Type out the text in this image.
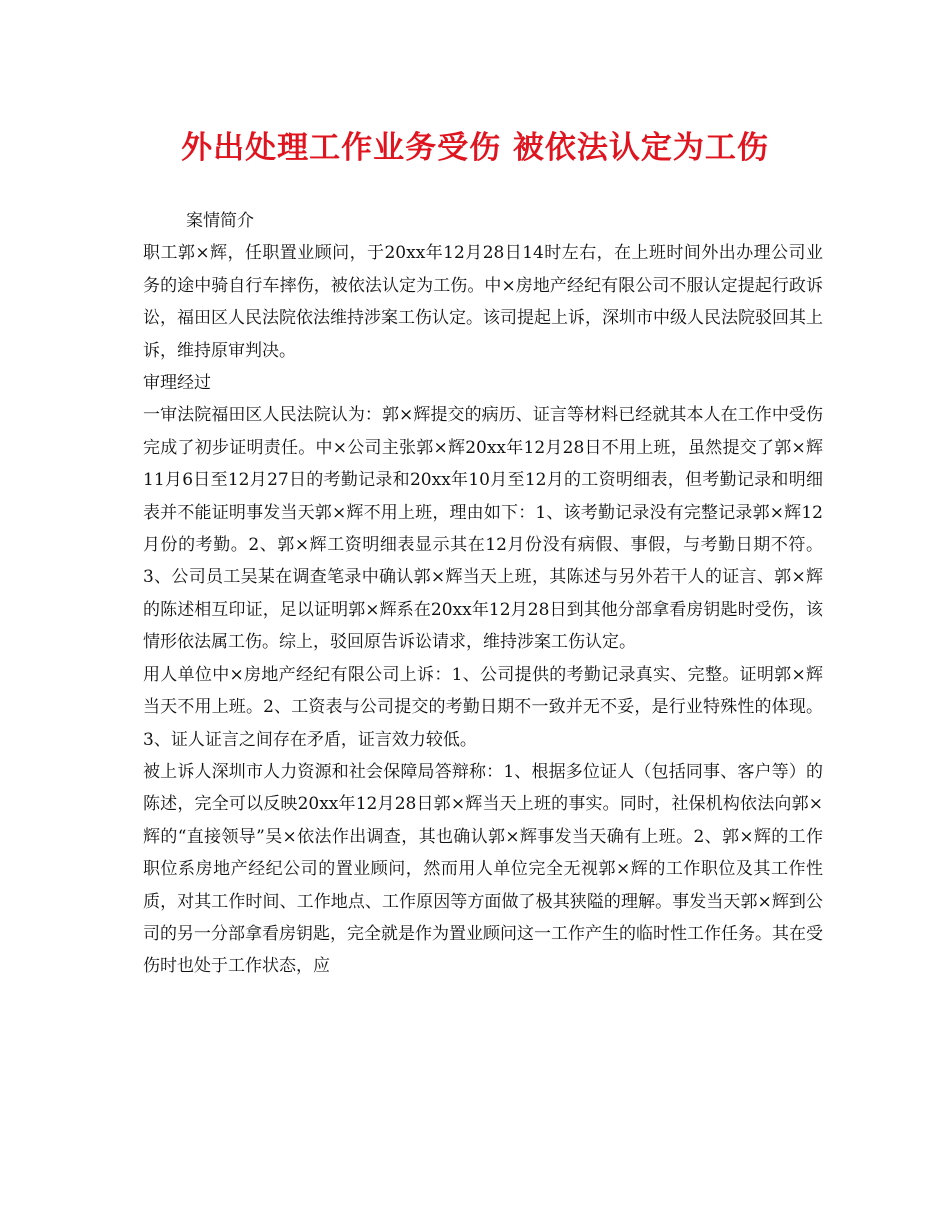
外出处理工作业务受伤 被依法认定为工伤

案情简介

职工郭×辉，任职置业顾问，于20xx年12月28日14时左右，在上班时间外出办理公司业务的途中骑自行车摔伤，被依法认定为工伤。中×房地产经纪有限公司不服认定提起行政诉讼，福田区人民法院依法维持涉案工伤认定。该司提起上诉，深圳市中级人民法院驳回其上诉，维持原审判决。

审理经过

一审法院福田区人民法院认为：郭×辉提交的病历、证言等材料已经就其本人在工作中受伤完成了初步证明责任。中×公司主张郭×辉20xx年12月28日不用上班，虽然提交了郭×辉11月6日至12月27日的考勤记录和20xx年10月至12月的工资明细表，但考勤记录和明细表并不能证明事发当天郭×辉不用上班，理由如下：1、该考勤记录没有完整记录郭×辉12月份的考勤。2、郭×辉工资明细表显示其在12月份没有病假、事假，与考勤日期不符。3、公司员工吴某在调查笔录中确认郭×辉当天上班，其陈述与另外若干人的证言、郭×辉的陈述相互印证，足以证明郭×辉系在20xx年12月28日到其他分部拿看房钥匙时受伤，该情形依法属工伤。综上，驳回原告诉讼请求，维持涉案工伤认定。

用人单位中×房地产经纪有限公司上诉：1、公司提供的考勤记录真实、完整。证明郭×辉当天不用上班。2、工资表与公司提交的考勤日期不一致并无不妥，是行业特殊性的体现。3、证人证言之间存在矛盾，证言效力较低。

被上诉人深圳市人力资源和社会保障局答辩称：1、根据多位证人（包括同事、客户等）的陈述，完全可以反映20xx年12月28日郭×辉当天上班的事实。同时，社保机构依法向郭×辉的“直接领导”吴×依法作出调查，其也确认郭×辉事发当天确有上班。2、郭×辉的工作职位系房地产经纪公司的置业顾问，然而用人单位完全无视郭×辉的工作职位及其工作性质，对其工作时间、工作地点、工作原因等方面做了极其狭隘的理解。事发当天郭×辉到公司的另一分部拿看房钥匙，完全就是作为置业顾问这一工作产生的临时性工作任务。其在受伤时也处于工作状态，应
